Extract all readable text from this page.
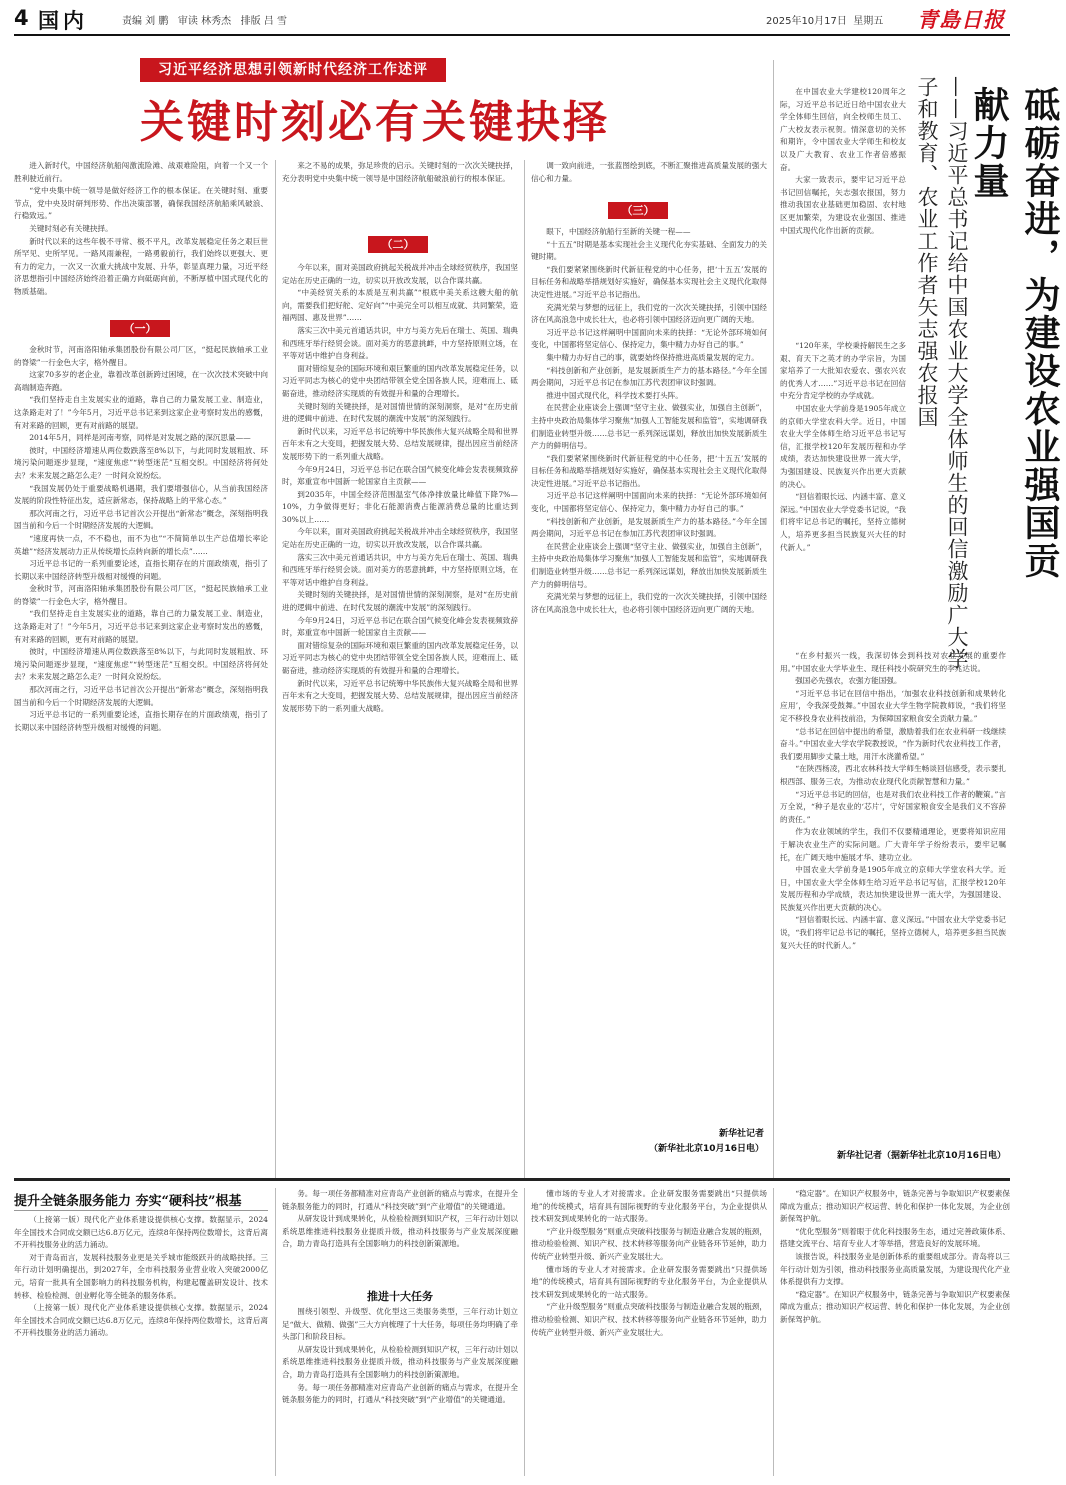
4 国内	责编 刘 鹏   审读 林秀杰   排版 吕 雪	2025年10月17日  星期五 青島日报
习近平经济思想引领新时代经济工作述评
关键时刻必有关键抉择

进入新时代，中国经济航船闯激流险滩、战艰难险阻，向着一个又一个胜利驶近前行。

“党中央集中统一领导是做好经济工作的根本保证。在关键时刻、重要节点，党中央及时研判形势、作出决策部署，确保我国经济航船乘风破浪、行稳致远。”

关键时刻必有关键抉择。

新时代以来的这些年极不寻常、极不平凡，改革发展稳定任务之艰巨世所罕见、史所罕见。一路风雨兼程，一路勇毅前行，我们始终以更强大、更有力的定力，一次又一次重大挑战中发展、升华，彰显真理力量，习近平经济思想指引中国经济始终沿着正确方向砥砺向前，不断厚植中国式现代化的物质基础。

（一）

金秋时节，河南洛阳轴承集团股份有限公司厂区，“挺起民族轴承工业的脊梁”一行金色大字，格外醒目。

这家70多岁的老企业，靠着改革创新跨过困境，在一次次技术突破中向高端制造奔跑。

“我们坚持走自主发展实业的道路，靠自己的力量发展工业、制造业，这条路走对了！”今年5月，习近平总书记来到这家企业考察时发出的感慨，有对来路的回顾，更有对前路的展望。

2014年5月，同样是河南考察，同样是对发展之路的深沉思量——

彼时，中国经济增速从两位数跌落至8%以下，与此同时发展粗放、环境污染问题逐步显现，“速度焦虑”“转型迷茫”互相交织。中国经济将何处去？未来发展之路怎么走？一时间众说纷纭。

“我国发展仍处于重要战略机遇期，我们要增强信心，从当前我国经济发展的阶段性特征出发，适应新常态，保持战略上的平常心态。”

那次河南之行，习近平总书记首次公开提出“新常态”概念，深刻指明我国当前和今后一个时期经济发展的大逻辑。

“速度再快一点，不不稳也，而不为也”“不简简单以生产总值增长率论英雄”“经济发展动力正从传统增长点转向新的增长点”……

习近平总书记的一系列重要论述，直指长期存在的片面政绩观，指引了长期以来中国经济转型升级相对缓慢的问题。

金秋时节，河南洛阳轴承集团股份有限公司厂区，“挺起民族轴承工业的脊梁”一行金色大字，格外醒目。

“我们坚持走自主发展实业的道路，靠自己的力量发展工业、制造业，这条路走对了！”今年5月，习近平总书记来到这家企业考察时发出的感慨，有对来路的回顾，更有对前路的展望。

彼时，中国经济增速从两位数跌落至8%以下，与此同时发展粗放、环境污染问题逐步显现，“速度焦虑”“转型迷茫”互相交织。中国经济将何处去？未来发展之路怎么走？一时间众说纷纭。

那次河南之行，习近平总书记首次公开提出“新常态”概念，深刻指明我国当前和今后一个时期经济发展的大逻辑。

习近平总书记的一系列重要论述，直指长期存在的片面政绩观，指引了长期以来中国经济转型升级相对缓慢的问题。

来之不易的成果，弥足珍贵的启示。关键时刻的一次次关键抉择，充分表明党中央集中统一领导是中国经济航船破浪前行的根本保证。

（二）

今年以来，面对美国政府挑起关税战并冲击全球经贸秩序，我国坚定站在历史正确的一边，切实以开放改发展，以合作谋共赢。

“中美经贸关系的本质是互利共赢”“根底中美关系这艘大船的航向，需要我们把好舵、定好向”“中美完全可以相互成就、共同繁荣，造福两国、惠及世界”……

落实三次中美元首通话共识，中方与美方先后在瑞士、英国、瑞典和西班牙举行经贸会谈。面对美方的恶意挑衅，中方坚持原则立场，在平等对话中维护自身利益。

面对错综复杂的国际环境和艰巨繁重的国内改革发展稳定任务，以习近平同志为核心的党中央团结带领全党全国各族人民，迎难而上、砥砺奋进，推动经济实现质的有效提升和量的合理增长。

关键时刻的关键抉择，是对国情世情的深刻洞察，是对“在历史前进的逻辑中前进、在时代发展的潮流中发展”的深刻践行。

新时代以来，习近平总书记统筹中华民族伟大复兴战略全局和世界百年未有之大变局，把握发展大势、总结发展规律，提出因应当前经济发展形势下的一系列重大战略。

今年9月24日，习近平总书记在联合国气候变化峰会发表视频致辞时，郑重宣布中国新一轮国家自主贡献——

到2035年，中国全经济范围温室气体净排放量比峰值下降7%—10%，力争做得更好；非化石能源消费占能源消费总量的比重达到30%以上……

今年以来，面对美国政府挑起关税战并冲击全球经贸秩序，我国坚定站在历史正确的一边，切实以开放改发展，以合作谋共赢。

落实三次中美元首通话共识，中方与美方先后在瑞士、英国、瑞典和西班牙举行经贸会谈。面对美方的恶意挑衅，中方坚持原则立场，在平等对话中维护自身利益。

关键时刻的关键抉择，是对国情世情的深刻洞察，是对“在历史前进的逻辑中前进、在时代发展的潮流中发展”的深刻践行。

今年9月24日，习近平总书记在联合国气候变化峰会发表视频致辞时，郑重宣布中国新一轮国家自主贡献——

面对错综复杂的国际环境和艰巨繁重的国内改革发展稳定任务，以习近平同志为核心的党中央团结带领全党全国各族人民，迎难而上、砥砺奋进，推动经济实现质的有效提升和量的合理增长。

新时代以来，习近平总书记统筹中华民族伟大复兴战略全局和世界百年未有之大变局，把握发展大势、总结发展规律，提出因应当前经济发展形势下的一系列重大战略。

调一致向前进，一张蓝图绘到底，不断汇聚推进高质量发展的强大信心和力量。

（三）

眼下，中国经济航船行至新的关键一程——

“十五五”时期是基本实现社会主义现代化夯实基础、全面发力的关键时期。

“我们要紧紧围绕新时代新征程党的中心任务，把‘十五五’发展的目标任务和战略举措规划好实施好，确保基本实现社会主义现代化取得决定性进展。”习近平总书记指出。

充满光荣与梦想的远征上，我们党的一次次关键抉择，引领中国经济在风高浪急中成长壮大，也必将引领中国经济迈向更广阔的天地。

习近平总书记这样阐明中国面向未来的抉择：“无论外部环境如何变化，中国都将坚定信心、保持定力，集中精力办好自己的事。”

集中精力办好自己的事，就要始终保持推进高质量发展的定力。

“科技创新和产业创新，是发展新质生产力的基本路径。”今年全国两会期间，习近平总书记在参加江苏代表团审议时强调。

推进中国式现代化，科学技术要打头阵。

在民营企业座谈会上强调“坚守主业、做强实业，加强自主创新”，主持中央政治局集体学习聚焦“加强人工智能发展和监管”，实地调研我们制造业转型升级……总书记一系列深远谋划，释放出加快发展新质生产力的鲜明信号。

“我们要紧紧围绕新时代新征程党的中心任务，把‘十五五’发展的目标任务和战略举措规划好实施好，确保基本实现社会主义现代化取得决定性进展。”习近平总书记指出。

习近平总书记这样阐明中国面向未来的抉择：“无论外部环境如何变化，中国都将坚定信心、保持定力，集中精力办好自己的事。”

“科技创新和产业创新，是发展新质生产力的基本路径。”今年全国两会期间，习近平总书记在参加江苏代表团审议时强调。

在民营企业座谈会上强调“坚守主业、做强实业，加强自主创新”，主持中央政治局集体学习聚焦“加强人工智能发展和监管”，实地调研我们制造业转型升级……总书记一系列深远谋划，释放出加快发展新质生产力的鲜明信号。

充满光荣与梦想的远征上，我们党的一次次关键抉择，引领中国经济在风高浪急中成长壮大，也必将引领中国经济迈向更广阔的天地。

新华社记者
（新华社北京10月16日电）

在中国农业大学建校120周年之际，习近平总书记近日给中国农业大学全体师生回信，向全校师生员工、广大校友表示祝贺。情深意切的关怀和期许，令中国农业大学师生和校友以及广大教育、农业工作者倍感振奋。

大家一致表示，要牢记习近平总书记回信嘱托，矢志强农报国，努力推动我国农业基础更加稳固、农村地区更加繁荣，为建设农业强国、推进中国式现代化作出新的贡献。	砥砺奋进，为建设农业强国贡献力量
——习近平总书记给中国农业大学全体师生的回信激励广大学子和教育、农业工作者矢志强农报国

“120年来，学校秉持解民生之多艰、育天下之英才的办学宗旨，为国家培养了一大批知农爱农、强农兴农的优秀人才……”习近平总书记在回信中充分肯定学校的办学成就。

中国农业大学前身是1905年成立的京师大学堂农科大学。近日，中国农业大学全体师生给习近平总书记写信，汇报学校120年发展历程和办学成绩，表达加快建设世界一流大学，为强国建设、民族复兴作出更大贡献的决心。

“回信着眼长远、内涵丰富、意义深远。”中国农业大学党委书记说，“我们将牢记总书记的嘱托，坚持立德树人，培养更多担当民族复兴大任的时代新人。”

“在乡村振兴一线，我深切体会到科技对农业发展的重要作用。”中国农业大学毕业生、现任科技小院研究生的李兆达说。

强国必先强农，农强方能国强。

“习近平总书记在回信中指出，‘加强农业科技创新和成果转化应用’，令我深受鼓舞。”中国农业大学生物学院教师说，“我们将坚定不移投身农业科技前沿，为保障国家粮食安全贡献力量。”

“总书记在回信中提出的希望，激励着我们在农业科研一线继续奋斗。”中国农业大学农学院教授说，“作为新时代农业科技工作者，我们要用脚步丈量土地，用汗水浇灌希望。”

“在陕西杨凌，西北农林科技大学师生畅谈回信感受，表示要扎根西部、服务三农，为推动农业现代化贡献智慧和力量。”

“习近平总书记的回信，也是对我们农业科技工作者的鞭策。”言万全说，“种子是农业的‘芯片’，守好国家粮食安全是我们义不容辞的责任。”

作为农业领域的学生，我们不仅要精通理论，更要将知识应用于解决农业生产的实际问题。广大青年学子纷纷表示，要牢记嘱托，在广阔天地中施展才华、建功立业。

中国农业大学前身是1905年成立的京师大学堂农科大学。近日，中国农业大学全体师生给习近平总书记写信，汇报学校120年发展历程和办学成绩，表达加快建设世界一流大学，为强国建设、民族复兴作出更大贡献的决心。

“回信着眼长远、内涵丰富、意义深远。”中国农业大学党委书记说，“我们将牢记总书记的嘱托，坚持立德树人，培养更多担当民族复兴大任的时代新人。”

新华社记者（据新华社北京10月16日电）
提升全链条服务能力 夯实“硬科技”根基

（上接第一版）现代化产业体系建设提供核心支撑。数据显示，2024年全国技术合同成交额已达6.8万亿元，连续8年保持两位数增长，这背后离不开科技服务业的活力涌动。

对于青岛而言，发展科技服务业更是关乎城市能级跃升的战略抉择。三年行动计划明确提出，到2027年，全市科技服务业营业收入突破2000亿元，培育一批具有全国影响力的科技服务机构，构建起覆盖研发设计、技术转移、检验检测、创业孵化等全链条的服务体系。

（上接第一版）现代化产业体系建设提供核心支撑。数据显示，2024年全国技术合同成交额已达6.8万亿元，连续8年保持两位数增长，这背后离不开科技服务业的活力涌动。

务。每一项任务都精准对应青岛产业创新的痛点与需求，在提升全链条服务能力的同时，打通从“科技突破”到“产业增值”的关键通道。

从研发设计到成果转化，从检验检测到知识产权，三年行动计划以系统思维推进科技服务业提质升级，推动科技服务与产业发展深度融合，助力青岛打造具有全国影响力的科技创新策源地。

推进十大任务

围绕引领型、升级型、优化型这三类服务类型，三年行动计划立足“做大、做精、做强”三大方向梳理了十大任务，每项任务均明确了牵头部门和阶段目标。

从研发设计到成果转化，从检验检测到知识产权，三年行动计划以系统思维推进科技服务业提质升级，推动科技服务与产业发展深度融合，助力青岛打造具有全国影响力的科技创新策源地。

务。每一项任务都精准对应青岛产业创新的痛点与需求，在提升全链条服务能力的同时，打通从“科技突破”到“产业增值”的关键通道。

懂市场的专业人才对接需求。企业研发服务需要跳出“只提供场地”的传统模式，培育具有国际视野的专业化服务平台，为企业提供从技术研发到成果转化的一站式服务。

“产业升级型服务”则重点突破科技服务与制造业融合发展的瓶颈，推动检验检测、知识产权、技术转移等服务向产业链各环节延伸，助力传统产业转型升级、新兴产业发展壮大。

懂市场的专业人才对接需求。企业研发服务需要跳出“只提供场地”的传统模式，培育具有国际视野的专业化服务平台，为企业提供从技术研发到成果转化的一站式服务。

“产业升级型服务”则重点突破科技服务与制造业融合发展的瓶颈，推动检验检测、知识产权、技术转移等服务向产业链各环节延伸，助力传统产业转型升级、新兴产业发展壮大。

“稳定器”。在知识产权服务中，链条完善与争取知识产权要素保障成为重点；推动知识产权运营、转化和保护一体化发展，为企业创新保驾护航。

“优化型服务”则着眼于优化科技服务生态，通过完善政策体系、搭建交流平台、培育专业人才等举措，营造良好的发展环境。

该报告说，科技服务业是创新体系的重要组成部分。青岛将以三年行动计划为引领，推动科技服务业高质量发展，为建设现代化产业体系提供有力支撑。

“稳定器”。在知识产权服务中，链条完善与争取知识产权要素保障成为重点；推动知识产权运营、转化和保护一体化发展，为企业创新保驾护航。
